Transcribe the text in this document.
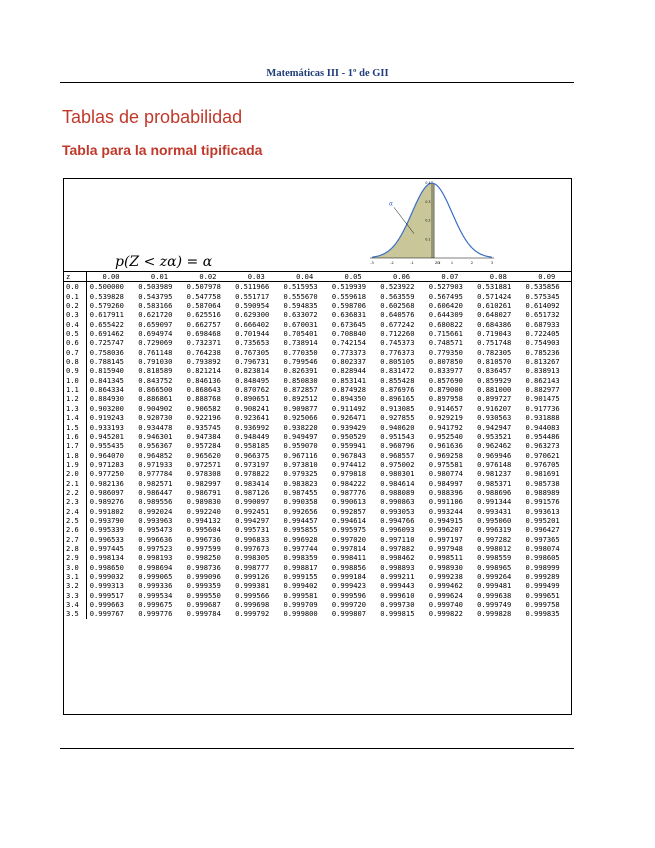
Matemáticas III - 1º de GII
Tablas de probabilidad
Tabla para la normal tipificada
p(Z < zα) = α
α
zα
-3	-2	-1	1	2	3
0.1
0.2
0.3
0.4
z	0.00	0.01	0.02	0.03	0.04	0.05	0.06	0.07	0.08	0.09
0.0	0.500000	0.503989	0.507978	0.511966	0.515953	0.519939	0.523922	0.527903	0.531881	0.535856
0.1	0.539828	0.543795	0.547758	0.551717	0.555670	0.559618	0.563559	0.567495	0.571424	0.575345
0.2	0.579260	0.583166	0.587064	0.590954	0.594835	0.598706	0.602568	0.606420	0.610261	0.614092
0.3	0.617911	0.621720	0.625516	0.629300	0.633072	0.636831	0.640576	0.644309	0.648027	0.651732
0.4	0.655422	0.659097	0.662757	0.666402	0.670031	0.673645	0.677242	0.680822	0.684386	0.687933
0.5	0.691462	0.694974	0.698468	0.701944	0.705401	0.708840	0.712260	0.715661	0.719043	0.722405
0.6	0.725747	0.729069	0.732371	0.735653	0.738914	0.742154	0.745373	0.748571	0.751748	0.754903
0.7	0.758036	0.761148	0.764238	0.767305	0.770350	0.773373	0.776373	0.779350	0.782305	0.785236
0.8	0.788145	0.791030	0.793892	0.796731	0.799546	0.802337	0.805105	0.807850	0.810570	0.813267
0.9	0.815940	0.818589	0.821214	0.823814	0.826391	0.828944	0.831472	0.833977	0.836457	0.838913
1.0	0.841345	0.843752	0.846136	0.848495	0.850830	0.853141	0.855428	0.857690	0.859929	0.862143
1.1	0.864334	0.866500	0.868643	0.870762	0.872857	0.874928	0.876976	0.879000	0.881000	0.882977
1.2	0.884930	0.886861	0.888768	0.890651	0.892512	0.894350	0.896165	0.897958	0.899727	0.901475
1.3	0.903200	0.904902	0.906582	0.908241	0.909877	0.911492	0.913085	0.914657	0.916207	0.917736
1.4	0.919243	0.920730	0.922196	0.923641	0.925066	0.926471	0.927855	0.929219	0.930563	0.931888
1.5	0.933193	0.934478	0.935745	0.936992	0.938220	0.939429	0.940620	0.941792	0.942947	0.944083
1.6	0.945201	0.946301	0.947384	0.948449	0.949497	0.950529	0.951543	0.952540	0.953521	0.954486
1.7	0.955435	0.956367	0.957284	0.958185	0.959070	0.959941	0.960796	0.961636	0.962462	0.963273
1.8	0.964070	0.964852	0.965620	0.966375	0.967116	0.967843	0.968557	0.969258	0.969946	0.970621
1.9	0.971283	0.971933	0.972571	0.973197	0.973810	0.974412	0.975002	0.975581	0.976148	0.976705
2.0	0.977250	0.977784	0.978308	0.978822	0.979325	0.979818	0.980301	0.980774	0.981237	0.981691
2.1	0.982136	0.982571	0.982997	0.983414	0.983823	0.984222	0.984614	0.984997	0.985371	0.985738
2.2	0.986097	0.986447	0.986791	0.987126	0.987455	0.987776	0.988089	0.988396	0.988696	0.988989
2.3	0.989276	0.989556	0.989830	0.990097	0.990358	0.990613	0.990863	0.991106	0.991344	0.991576
2.4	0.991802	0.992024	0.992240	0.992451	0.992656	0.992857	0.993053	0.993244	0.993431	0.993613
2.5	0.993790	0.993963	0.994132	0.994297	0.994457	0.994614	0.994766	0.994915	0.995060	0.995201
2.6	0.995339	0.995473	0.995604	0.995731	0.995855	0.995975	0.996093	0.996207	0.996319	0.996427
2.7	0.996533	0.996636	0.996736	0.996833	0.996928	0.997020	0.997110	0.997197	0.997282	0.997365
2.8	0.997445	0.997523	0.997599	0.997673	0.997744	0.997814	0.997882	0.997948	0.998012	0.998074
2.9	0.998134	0.998193	0.998250	0.998305	0.998359	0.998411	0.998462	0.998511	0.998559	0.998605
3.0	0.998650	0.998694	0.998736	0.998777	0.998817	0.998856	0.998893	0.998930	0.998965	0.998999
3.1	0.999032	0.999065	0.999096	0.999126	0.999155	0.999184	0.999211	0.999238	0.999264	0.999289
3.2	0.999313	0.999336	0.999359	0.999381	0.999402	0.999423	0.999443	0.999462	0.999481	0.999499
3.3	0.999517	0.999534	0.999550	0.999566	0.999581	0.999596	0.999610	0.999624	0.999638	0.999651
3.4	0.999663	0.999675	0.999687	0.999698	0.999709	0.999720	0.999730	0.999740	0.999749	0.999758
3.5	0.999767	0.999776	0.999784	0.999792	0.999800	0.999807	0.999815	0.999822	0.999828	0.999835
